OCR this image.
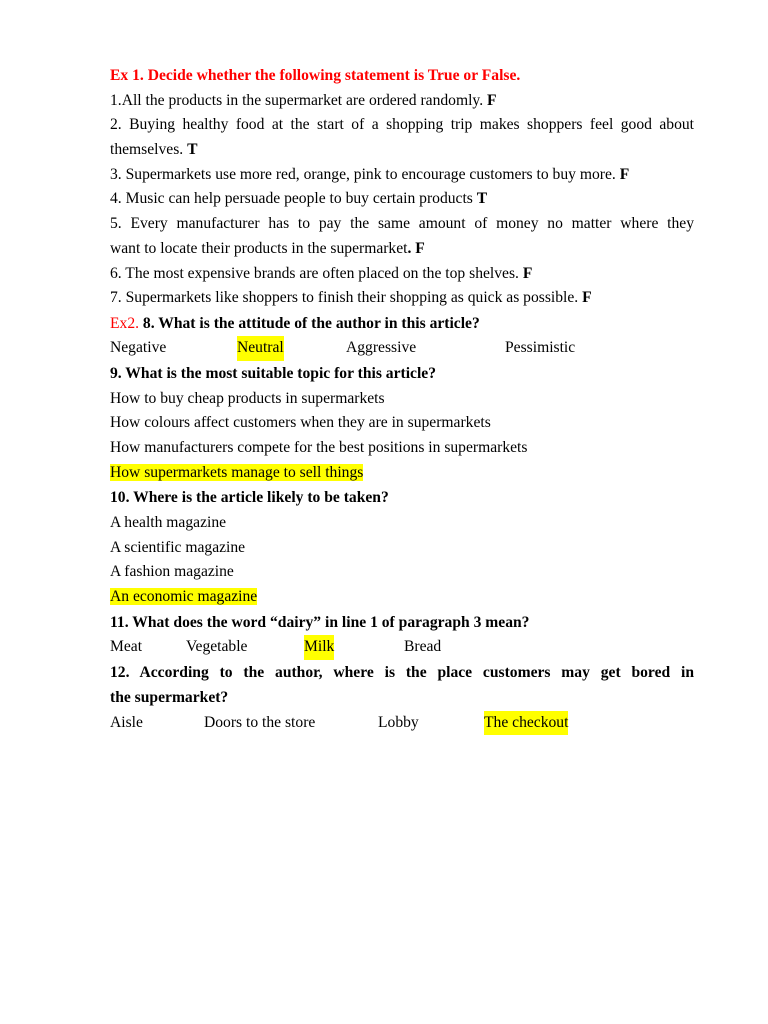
Ex 1. Decide whether the following statement is True or False.
1.All the products in the supermarket are ordered randomly. F
2. Buying healthy food at the start of a shopping trip makes shoppers feel good about
themselves. T
3. Supermarkets use more red, orange, pink to encourage customers to buy more. F
4. Music can help persuade people to buy certain products T
5. Every manufacturer has to pay the same amount of money no matter where they
want to locate their products in the supermarket. F
6. The most expensive brands are often placed on the top shelves. F
7. Supermarkets like shoppers to finish their shopping as quick as possible. F
Ex2. 8. What is the attitude of the author in this article?
Negative	Neutral	Aggressive	Pessimistic
9. What is the most suitable topic for this article?
How to buy cheap products in supermarkets
How colours affect customers when they are in supermarkets
How manufacturers compete for the best positions in supermarkets
How supermarkets manage to sell things
10. Where is the article likely to be taken?
A health magazine
A scientific magazine
A fashion magazine
An economic magazine
11. What does the word “dairy” in line 1 of paragraph 3 mean?
Meat	Vegetable	Milk	Bread
12. According to the author, where is the place customers may get bored in
the supermarket?
Aisle	Doors to the store	Lobby	The checkout
